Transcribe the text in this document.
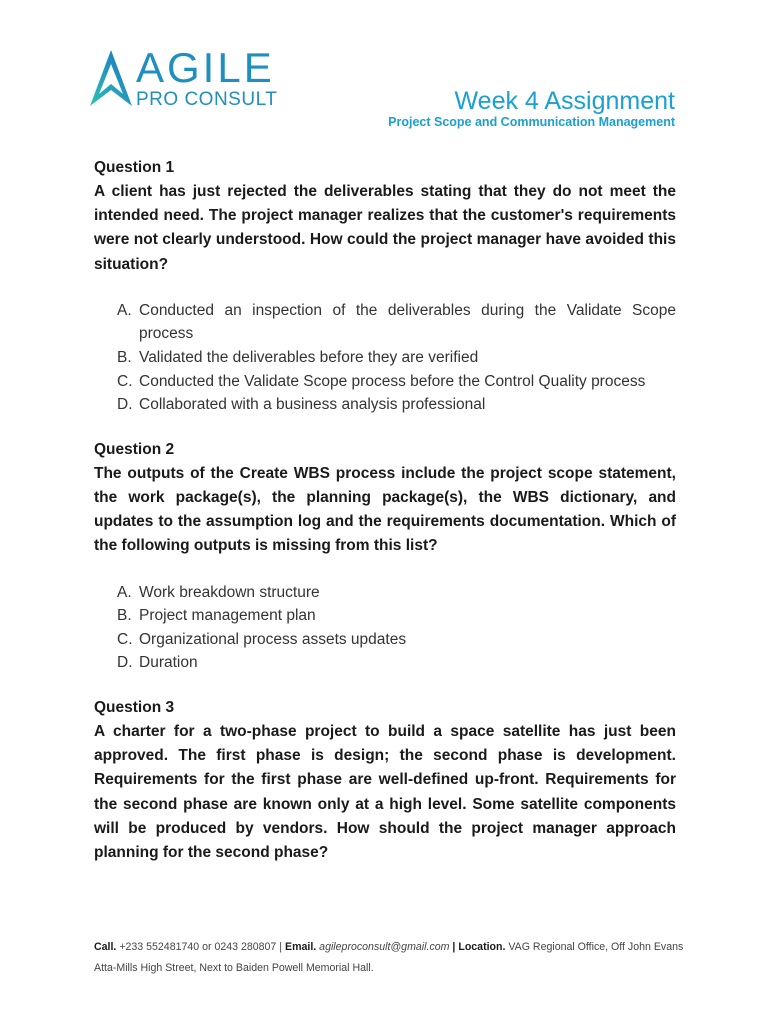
AGILE
PRO CONSULT	Week 4 Assignment
Project Scope and Communication Management

Question 1

A client has just rejected the deliverables stating that they do not meet the intended need. The project manager realizes that the customer's requirements were not clearly understood. How could the project manager have avoided this situation?

A. Conducted an inspection of the deliverables during the Validate Scope process
B. Validated the deliverables before they are verified
C. Conducted the Validate Scope process before the Control Quality process
D. Collaborated with a business analysis professional

Question 2

The outputs of the Create WBS process include the project scope statement, the work package(s), the planning package(s), the WBS dictionary, and updates to the assumption log and the requirements documentation. Which of the following outputs is missing from this list?

A. Work breakdown structure
B. Project management plan
C. Organizational process assets updates
D. Duration

Question 3

A charter for a two-phase project to build a space satellite has just been approved. The first phase is design; the second phase is development. Requirements for the first phase are well-defined up-front. Requirements for the second phase are known only at a high level. Some satellite components will be produced by vendors. How should the project manager approach planning for the second phase?

Call. +233 552481740 or 0243 280807 | Email. agileproconsult@gmail.com | Location. VAG Regional Office, Off John Evans Atta-Mills High Street, Next to Baiden Powell Memorial Hall.
